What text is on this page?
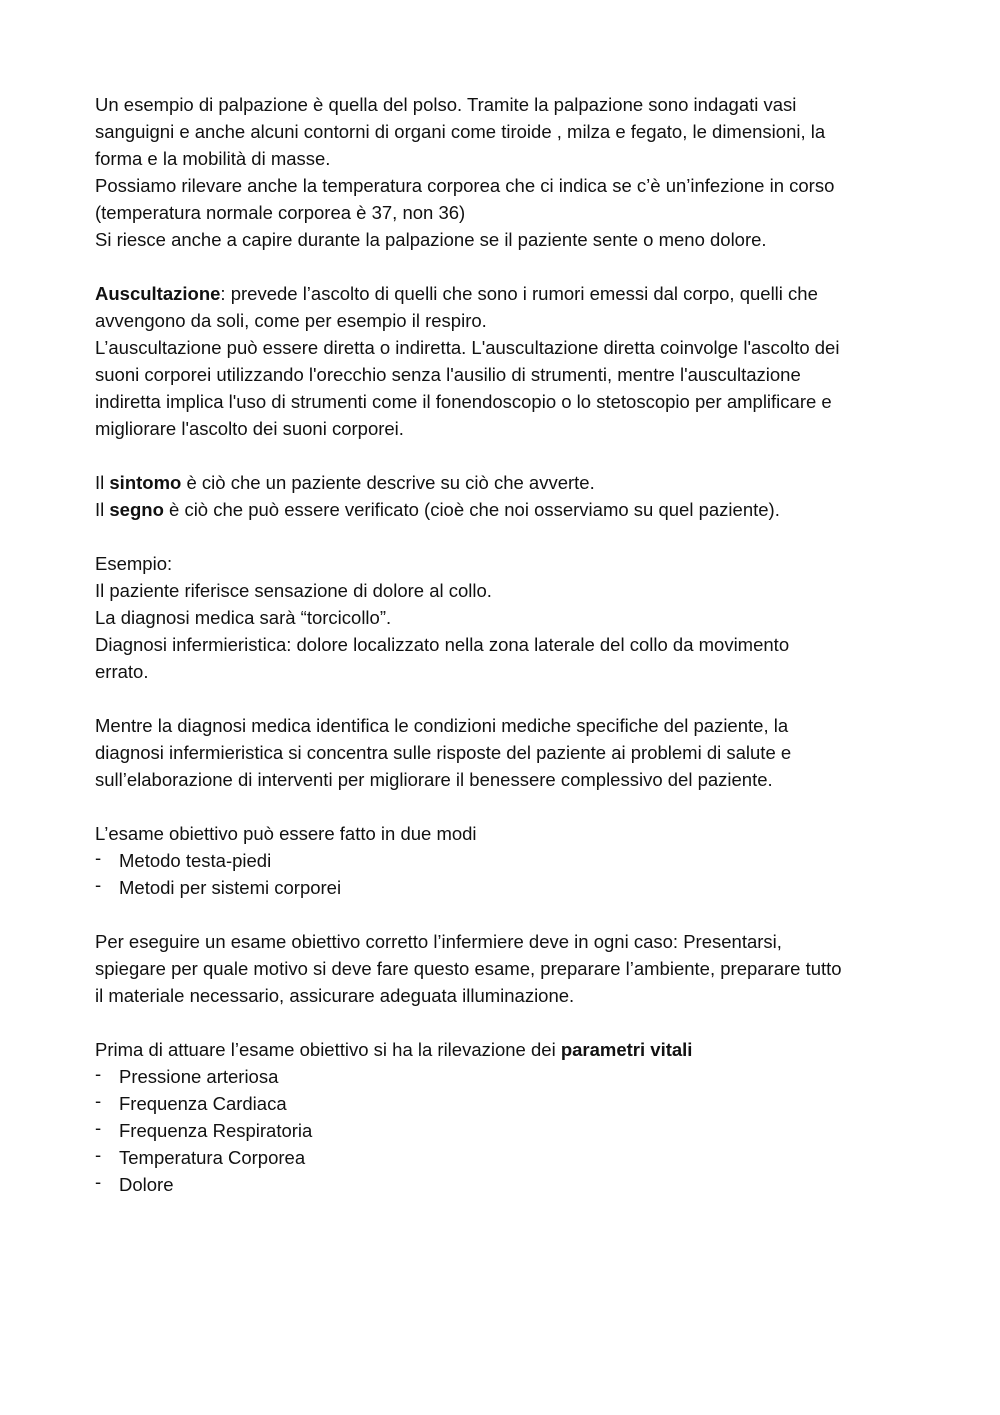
Un esempio di palpazione è quella del polso. Tramite la palpazione sono indagati vasi
sanguigni e anche alcuni contorni di organi come tiroide , milza e fegato, le dimensioni, la
forma e la mobilità di masse.
Possiamo rilevare anche la temperatura corporea che ci indica se c’è un’infezione in corso
(temperatura normale corporea è 37, non 36)
Si riesce anche a capire durante la palpazione se il paziente sente o meno dolore.
Auscultazione: prevede l’ascolto di quelli che sono i rumori emessi dal corpo, quelli che
avvengono da soli, come per esempio il respiro.
L’auscultazione può essere diretta o indiretta. L'auscultazione diretta coinvolge l'ascolto dei
suoni corporei utilizzando l'orecchio senza l'ausilio di strumenti, mentre l'auscultazione
indiretta implica l'uso di strumenti come il fonendoscopio o lo stetoscopio per amplificare e
migliorare l'ascolto dei suoni corporei.
Il sintomo è ciò che un paziente descrive su ciò che avverte.
Il segno è ciò che può essere verificato (cioè che noi osserviamo su quel paziente).
Esempio:
Il paziente riferisce sensazione di dolore al collo.
La diagnosi medica sarà “torcicollo”.
Diagnosi infermieristica: dolore localizzato nella zona laterale del collo da movimento
errato.
Mentre la diagnosi medica identifica le condizioni mediche specifiche del paziente, la
diagnosi infermieristica si concentra sulle risposte del paziente ai problemi di salute e
sull’elaborazione di interventi per migliorare il benessere complessivo del paziente.
L’esame obiettivo può essere fatto in due modi
- Metodo testa-piedi
- Metodi per sistemi corporei
Per eseguire un esame obiettivo corretto l’infermiere deve in ogni caso: Presentarsi,
spiegare per quale motivo si deve fare questo esame, preparare l’ambiente, preparare tutto
il materiale necessario, assicurare adeguata illuminazione.
Prima di attuare l’esame obiettivo si ha la rilevazione dei parametri vitali
- Pressione arteriosa
- Frequenza Cardiaca
- Frequenza Respiratoria
- Temperatura Corporea
- Dolore
